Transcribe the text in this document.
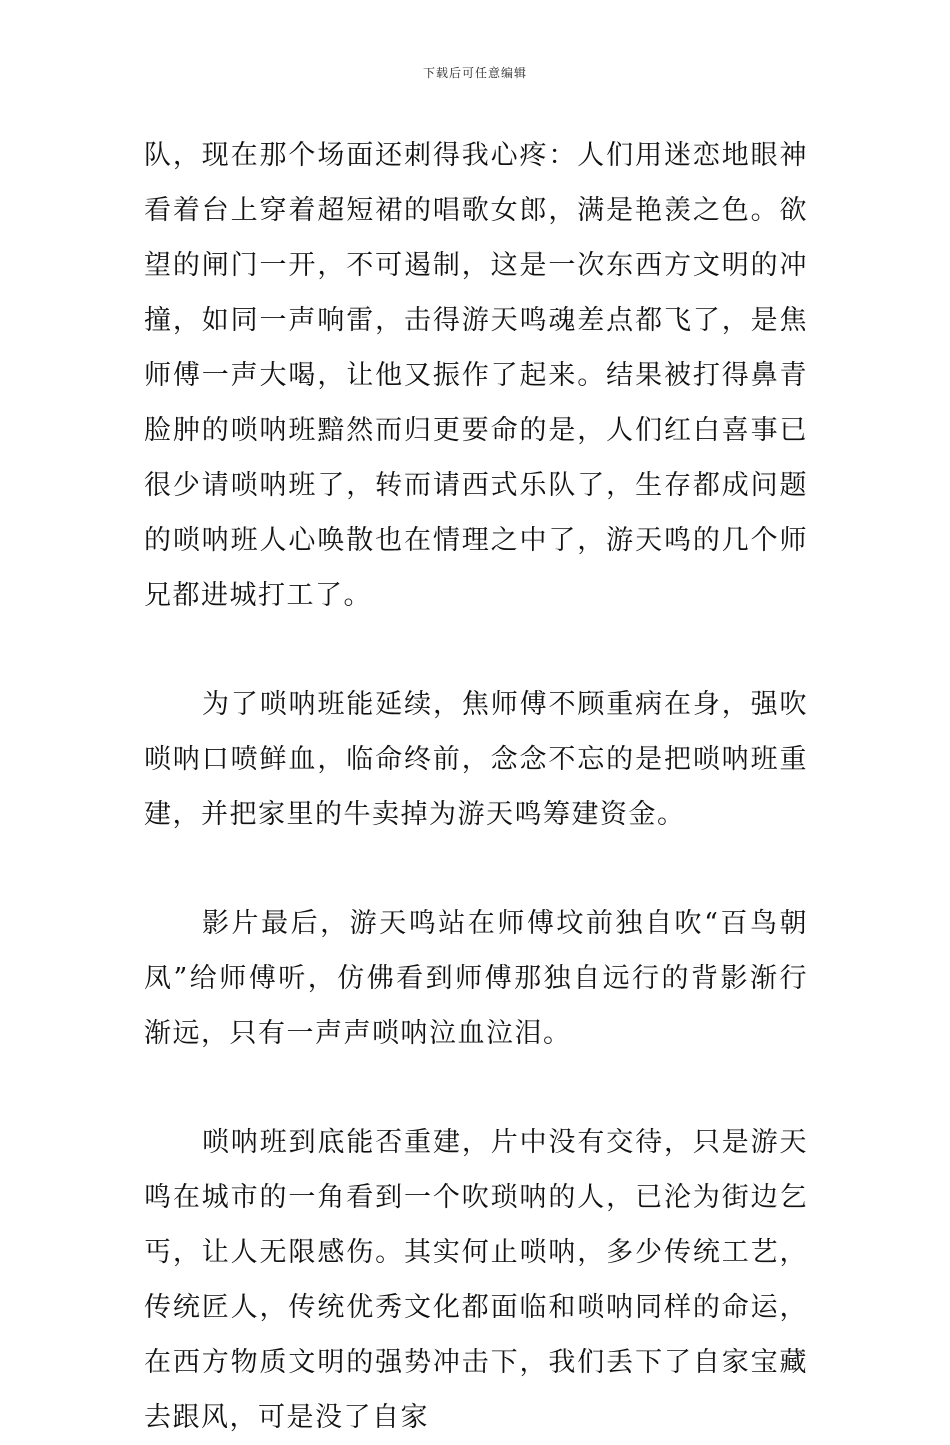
下载后可任意编辑

队，现在那个场面还刺得我心疼：人们用迷恋地眼神看着台上穿着超短裙的唱歌女郎，满是艳羡之色。欲望的闸门一开，不可遏制，这是一次东西方文明的冲撞，如同一声响雷，击得游天鸣魂差点都飞了，是焦师傅一声大喝，让他又振作了起来。结果被打得鼻青脸肿的唢呐班黯然而归更要命的是，人们红白喜事已很少请唢呐班了，转而请西式乐队了，生存都成问题的唢呐班人心唤散也在情理之中了，游天鸣的几个师兄都进城打工了。

为了唢呐班能延续，焦师傅不顾重病在身，强吹唢呐口喷鲜血，临命终前，念念不忘的是把唢呐班重建，并把家里的牛卖掉为游天鸣筹建资金。

影片最后，游天鸣站在师傅坟前独自吹“百鸟朝凤”给师傅听，仿佛看到师傅那独自远行的背影渐行渐远，只有一声声唢呐泣血泣泪。

唢呐班到底能否重建，片中没有交待，只是游天鸣在城市的一角看到一个吹琐呐的人，已沦为街边乞丐，让人无限感伤。其实何止唢呐，多少传统工艺，传统匠人，传统优秀文化都面临和唢呐同样的命运，在西方物质文明的强势冲击下，我们丢下了自家宝藏去跟风，可是没了自家
